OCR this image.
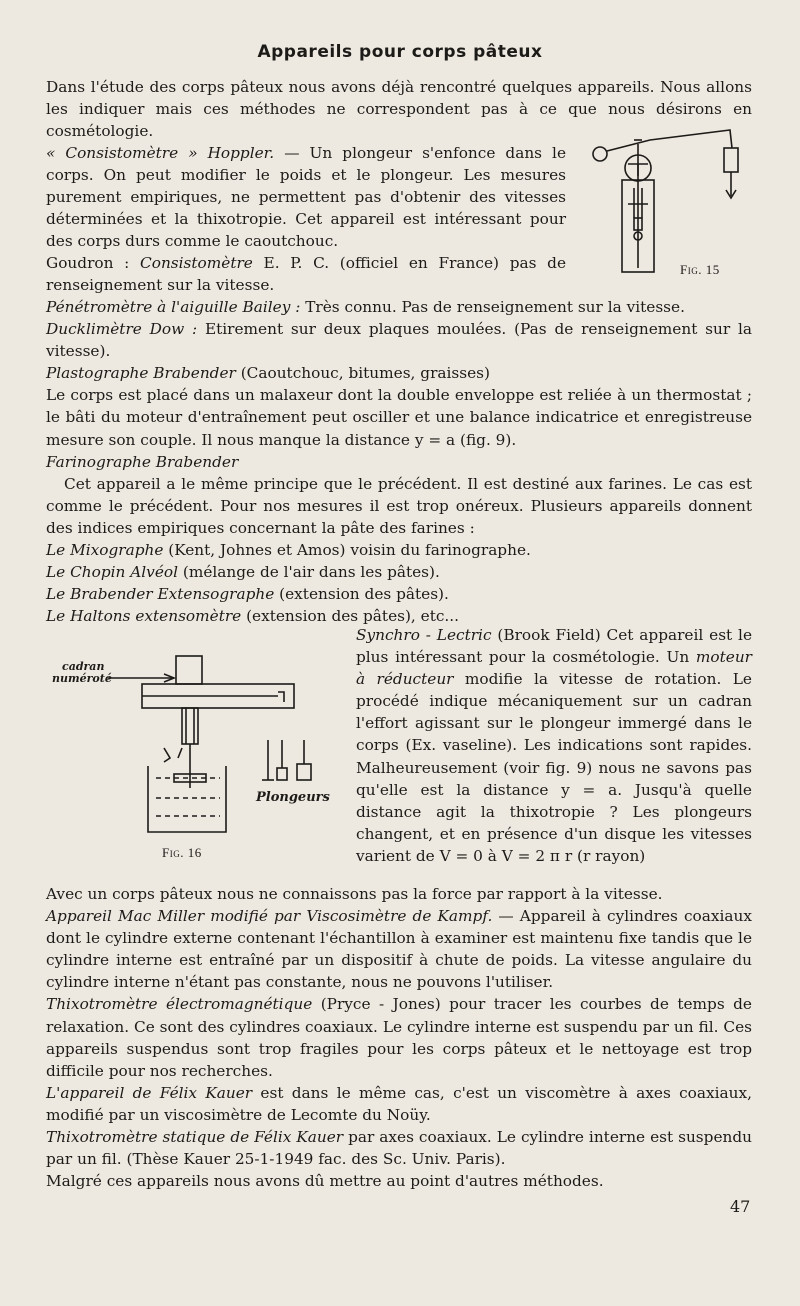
Appareils pour corps pâteux

Dans l'étude des corps pâteux nous avons déjà rencontré quelques appareils. Nous allons les indiquer mais ces méthodes ne correspondent pas à ce que nous désirons en cosmétologie.

« Consistomètre » Hoppler. — Un plongeur s'enfonce dans le corps. On peut modifier le poids et le plongeur. Les mesures purement empiriques, ne permettent pas d'obtenir des vitesses déterminées et la thixotropie. Cet appareil est intéressant pour des corps durs comme le caoutchouc.

Goudron : Consistomètre E. P. C. (officiel en France) pas de renseignement sur la vitesse.

Fig. 15

Pénétromètre à l'aiguille Bailey : Très connu. Pas de renseignement sur la vitesse.

Ducklimètre Dow : Etirement sur deux plaques moulées. (Pas de renseignement sur la vitesse).

Plastographe Brabender (Caoutchouc, bitumes, graisses)

Le corps est placé dans un malaxeur dont la double enveloppe est reliée à un thermostat ; le bâti du moteur d'entraînement peut osciller et une balance indicatrice et enregistreuse mesure son couple. Il nous manque la distance y = a (fig. 9).

Farinographe Brabender

Cet appareil a le même principe que le précédent. Il est destiné aux farines. Le cas est comme le précédent. Pour nos mesures il est trop onéreux. Plusieurs appareils donnent des indices empiriques concernant la pâte des farines :

Le Mixographe (Kent, Johnes et Amos) voisin du farinographe.

Le Chopin Alvéol (mélange de l'air dans les pâtes).

Le Brabender Extensographe (extension des pâtes).

Le Haltons extensomètre (extension des pâtes), etc...

cadran
numéroté
Plongeurs
Fig. 16

Synchro - Lectric (Brook Field) Cet appareil est le plus intéressant pour la cosmétologie. Un moteur à réducteur modifie la vitesse de rotation. Le procédé indique mécaniquement sur un cadran l'effort agissant sur le plongeur immergé dans le corps (Ex. vaseline). Les indications sont rapides. Malheureusement (voir fig. 9) nous ne savons pas qu'elle est la distance y = a. Jusqu'à quelle distance agit la thixotropie ? Les plongeurs changent, et en présence d'un disque les vitesses varient de V = 0 à V = 2 π r (r rayon)

Avec un corps pâteux nous ne connaissons pas la force par rapport à la vitesse.

Appareil Mac Miller modifié par Viscosimètre de Kampf. — Appareil à cylindres coaxiaux dont le cylindre externe contenant l'échantillon à examiner est maintenu fixe tandis que le cylindre interne est entraîné par un dispositif à chute de poids. La vitesse angulaire du cylindre interne n'étant pas constante, nous ne pouvons l'utiliser.

Thixotromètre électromagnétique (Pryce - Jones) pour tracer les courbes de temps de relaxation. Ce sont des cylindres coaxiaux. Le cylindre interne est suspendu par un fil. Ces appareils suspendus sont trop fragiles pour les corps pâteux et le nettoyage est trop difficile pour nos recherches.

L'appareil de Félix Kauer est dans le même cas, c'est un viscomètre à axes coaxiaux, modifié par un viscosimètre de Lecomte du Noüy.

Thixotromètre statique de Félix Kauer par axes coaxiaux. Le cylindre interne est suspendu par un fil. (Thèse Kauer 25-1-1949 fac. des Sc. Univ. Paris).

Malgré ces appareils nous avons dû mettre au point d'autres méthodes.

47
